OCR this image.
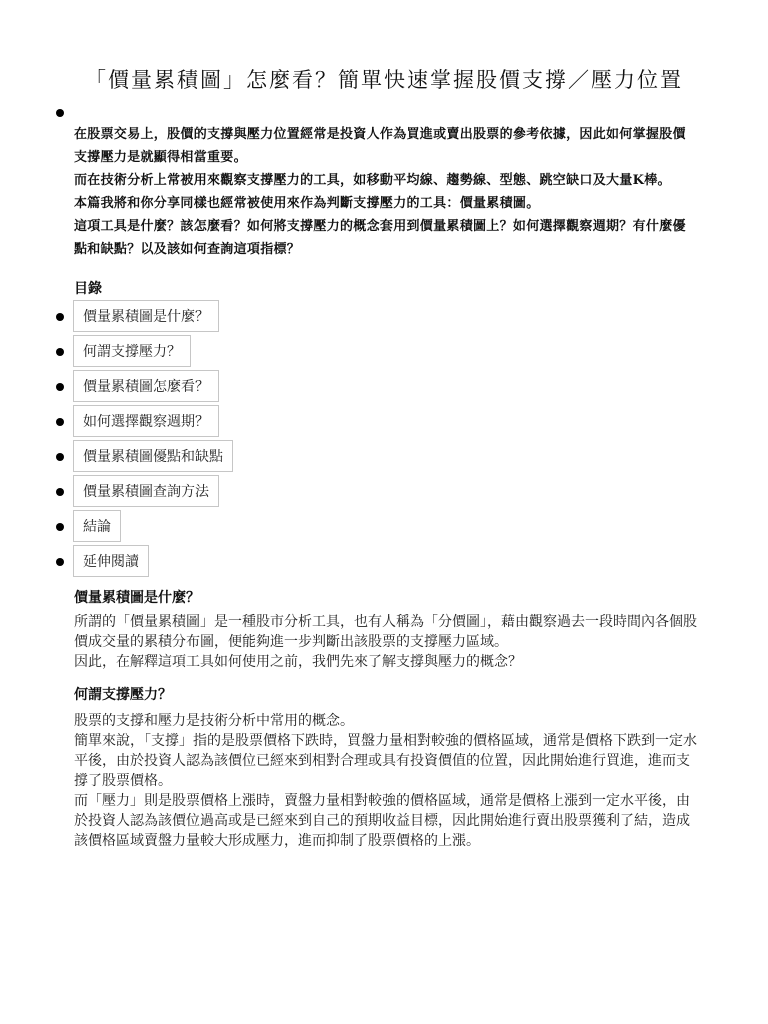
「價量累積圖」怎麼看？簡單快速掌握股價支撐／壓力位置

在股票交易上，股價的支撐與壓力位置經常是投資人作為買進或賣出股票的參考依據，因此如何掌握股價支撐壓力是就顯得相當重要。

而在技術分析上常被用來觀察支撐壓力的工具，如移動平均線、趨勢線、型態、跳空缺口及大量K棒。

本篇我將和你分享同樣也經常被使用來作為判斷支撐壓力的工具：價量累積圖。

這項工具是什麼？該怎麼看？如何將支撐壓力的概念套用到價量累積圖上？如何選擇觀察週期？有什麼優點和缺點？以及該如何查詢這項指標？

目錄
價量累積圖是什麼？
何謂支撐壓力？
價量累積圖怎麼看？
如何選擇觀察週期？
價量累積圖優點和缺點
價量累積圖查詢方法
結論
延伸閱讀
價量累積圖是什麼？

所謂的「價量累積圖」是一種股市分析工具，也有人稱為「分價圖」，藉由觀察過去一段時間內各個股價成交量的累積分布圖，便能夠進一步判斷出該股票的支撐壓力區域。

因此，在解釋這項工具如何使用之前，我們先來了解支撐與壓力的概念？

何謂支撐壓力？

股票的支撐和壓力是技術分析中常用的概念。

簡單來說，「支撐」指的是股票價格下跌時，買盤力量相對較強的價格區域，通常是價格下跌到一定水平後，由於投資人認為該價位已經來到相對合理或具有投資價值的位置，因此開始進行買進，進而支撐了股票價格。

而「壓力」則是股票價格上漲時，賣盤力量相對較強的價格區域，通常是價格上漲到一定水平後，由於投資人認為該價位過高或是已經來到自己的預期收益目標，因此開始進行賣出股票獲利了結，造成該價格區域賣盤力量較大形成壓力，進而抑制了股票價格的上漲。
